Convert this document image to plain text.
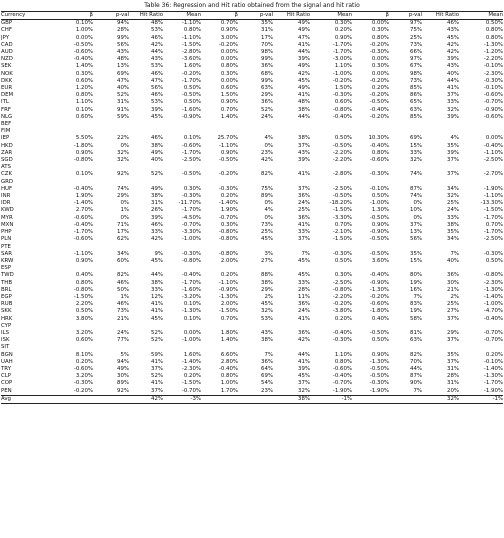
Table 36: Regression and Hit ratio obtained from the signal and hit ratio
Currency	β	p-val	Hit Ratio	Mean	β	p-val	Hit Ratio	Mean	β	p-val	Hit Ratio	Mean
GBP	0.10%	94%	48%	-1.10%	0.70%	35%	49%	0.30%	0.00%	97%	46%	0.50%
CHF	1.00%	28%	53%	0.80%	0.90%	31%	49%	0.20%	0.30%	75%	43%	0.80%
JPY	0.00%	99%	46%	-1.10%	3.00%	17%	47%	0.90%	0.80%	25%	45%	0.80%
CAD	-0.50%	56%	42%	-1.50%	-0.20%	70%	41%	-1.70%	-0.20%	73%	42%	-1.30%
AUD	-0.60%	43%	44%	-2.80%	0.00%	98%	44%	-1.70%	-0.30%	66%	42%	-1.20%
NZD	-0.40%	48%	43%	-3.60%	0.00%	99%	39%	-3.00%	0.00%	97%	39%	-2.20%
SEK	1.40%	13%	53%	1.60%	0.80%	36%	49%	1.10%	0.30%	67%	43%	-0.10%
NOK	0.30%	69%	46%	-0.20%	0.30%	68%	42%	-1.00%	0.00%	98%	40%	-2.30%
DKK	0.60%	47%	47%	-1.70%	0.00%	99%	45%	-0.20%	-0.20%	73%	44%	-0.30%
EUR	1.20%	40%	56%	0.50%	0.60%	63%	49%	1.50%	0.20%	85%	41%	-0.10%
DEM	0.80%	52%	46%	-0.50%	1.50%	29%	41%	-0.30%	-0.20%	86%	37%	-0.60%
ITL	1.10%	31%	53%	0.50%	0.90%	36%	48%	0.60%	-0.50%	65%	33%	-0.70%
FRF	0.10%	91%	39%	-1.60%	0.70%	52%	38%	-0.80%	-0.40%	63%	32%	-0.90%
NLG	0.60%	59%	45%	-0.90%	1.40%	24%	44%	-0.40%	-0.20%	85%	39%	-0.60%
BEF												
FIM												
IEP	5.50%	22%	46%	0.10%	25.70%	4%	38%	0.50%	10.30%	69%	4%	0.00%
HKD	-1.80%	0%	38%	-0.60%	-1.10%	0%	37%	-0.50%	-0.40%	15%	35%	-0.40%
ZAR	0.90%	32%	49%	-1.70%	0.90%	23%	43%	-2.20%	0.80%	33%	39%	-1.10%
SGD	-0.80%	32%	40%	-2.50%	-0.50%	42%	39%	-2.20%	-0.60%	32%	37%	-2.50%
ATS												
CZK	0.10%	92%	52%	-0.50%	-0.20%	82%	41%	-2.80%	-0.30%	74%	37%	-2.70%
GRD												
HUF	-0.40%	74%	49%	0.30%	-0.30%	75%	37%	-2.50%	-0.10%	87%	34%	-1.90%
INR	1.90%	29%	38%	-0.30%	0.20%	89%	36%	-0.50%	0.50%	74%	32%	-1.10%
IDR	-1.40%	0%	31%	-11.70%	-1.40%	0%	24%	-18.20%	-1.00%	0%	25%	-13.30%
KWD	2.70%	1%	26%	-1.70%	1.90%	4%	25%	-1.50%	1.30%	10%	24%	-1.50%
MYR	-0.60%	0%	39%	-4.50%	-0.70%	0%	36%	-3.30%	-0.50%	0%	33%	-1.70%
MXN	-0.40%	71%	46%	-0.70%	0.30%	73%	41%	0.70%	0.90%	37%	38%	0.70%
PHP	-1.70%	17%	33%	-3.30%	-0.80%	25%	33%	-2.10%	-0.90%	13%	35%	-1.70%
PLN	-0.60%	62%	42%	-1.00%	-0.80%	45%	37%	-1.50%	-0.50%	56%	34%	-2.50%
PTE												
SAR	-1.10%	34%	9%	-0.30%	-0.80%	3%	7%	-0.30%	-0.50%	35%	7%	-0.30%
KRW	0.90%	60%	45%	-0.80%	2.00%	27%	45%	0.50%	3.60%	15%	40%	0.50%
ESP												
TWD	0.40%	82%	44%	-0.40%	0.20%	88%	45%	0.30%	-0.40%	80%	36%	-0.80%
THB	0.80%	46%	38%	-1.70%	-1.10%	38%	33%	-2.50%	-0.90%	19%	30%	-2.30%
BRL	-0.80%	50%	33%	-1.60%	-0.90%	29%	28%	-0.80%	-1.30%	16%	21%	-1.30%
EGP	-1.50%	1%	12%	-3.20%	-1.30%	2%	11%	-2.20%	-0.20%	7%	2%	-1.40%
RUB	2.20%	46%	41%	0.10%	2.00%	45%	36%	-0.20%	-0.60%	83%	25%	-1.00%
SKK	0.50%	73%	41%	-1.30%	-1.50%	32%	24%	-3.80%	-1.80%	19%	27%	-4.70%
HRK	3.80%	21%	45%	0.10%	0.70%	53%	41%	0.20%	0.40%	58%	37%	-0.40%
CYP												
ILS	3.20%	24%	52%	0.00%	1.80%	43%	36%	-0.40%	-0.50%	81%	29%	-0.70%
ISK	0.60%	77%	52%	-1.00%	1.40%	38%	42%	-0.30%	0.50%	63%	37%	-0.70%
SIT												
BGN	8.10%	5%	59%	1.60%	6.60%	7%	44%	1.10%	0.90%	82%	35%	0.20%
UAH	0.20%	94%	41%	-1.40%	2.80%	36%	41%	0.80%	-1.30%	70%	37%	-0.10%
TRY	-0.60%	49%	37%	-2.30%	-0.40%	64%	39%	-0.60%	-0.50%	44%	31%	-1.40%
CLP	3.20%	30%	52%	0.20%	0.80%	69%	45%	-0.40%	-0.50%	87%	28%	-1.30%
COP	-0.30%	89%	41%	-1.50%	1.00%	54%	37%	-0.70%	-0.30%	90%	31%	-1.70%
PEN	-0.20%	92%	37%	-0.70%	1.70%	23%	32%	-1.90%	-1.90%	7%	20%	-1.90%
Avg			42%	-3%			38%	-1%			32%	-1%
